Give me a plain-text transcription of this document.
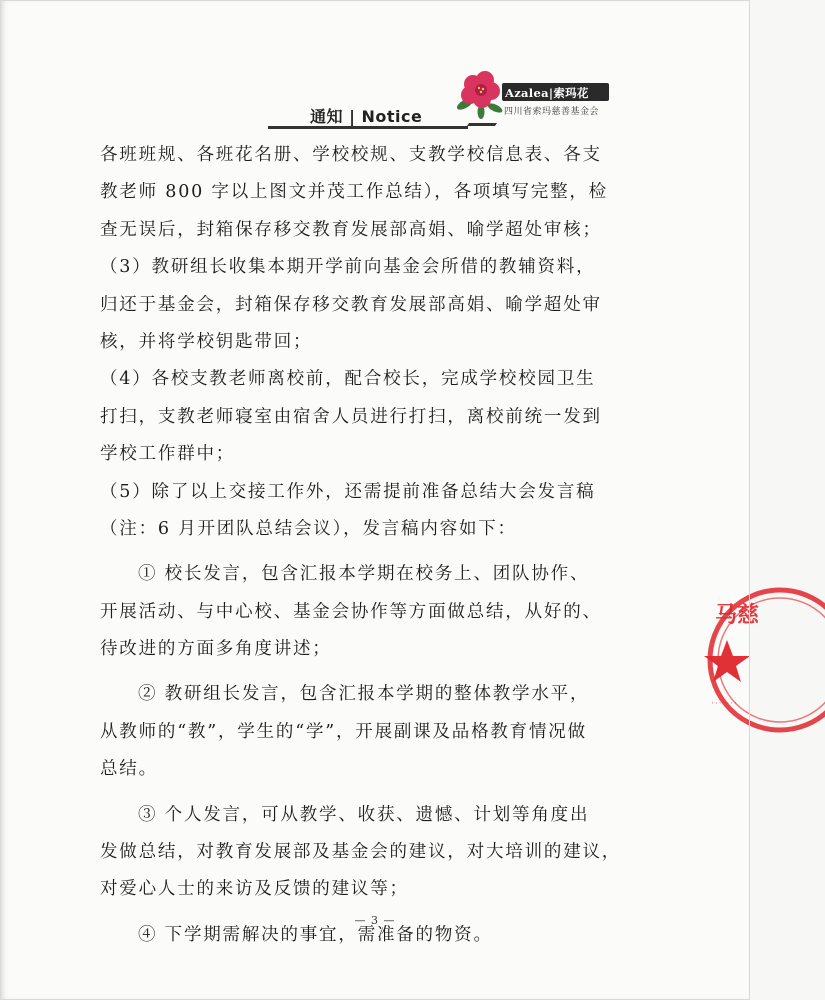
通知 | Notice
Azalea|索玛花
四川省索玛慈善基金会
各班班规、各班花名册、学校校规、支教学校信息表、各支
教老师 800 字以上图文并茂工作总结），各项填写完整，检
查无误后，封箱保存移交教育发展部高娟、喻学超处审核；
（3）教研组长收集本期开学前向基金会所借的教辅资料，
归还于基金会，封箱保存移交教育发展部高娟、喻学超处审
核，并将学校钥匙带回；
（4）各校支教老师离校前，配合校长，完成学校校园卫生
打扫，支教老师寝室由宿舍人员进行打扫，离校前统一发到
学校工作群中；
（5）除了以上交接工作外，还需提前准备总结大会发言稿
（注：6 月开团队总结会议），发言稿内容如下：
① 校长发言，包含汇报本学期在校务上、团队协作、
开展活动、与中心校、基金会协作等方面做总结，从好的、
待改进的方面多角度讲述；
② 教研组长发言，包含汇报本学期的整体教学水平，
从教师的“教”，学生的“学”，开展副课及品格教育情况做
总结。
③ 个人发言，可从教学、收获、遗憾、计划等角度出
发做总结，对教育发展部及基金会的建议，对大培训的建议，
对爱心人士的来访及反馈的建议等；
④ 下学期需解决的事宜，需准备的物资。
— 3 —
马慈
·······
